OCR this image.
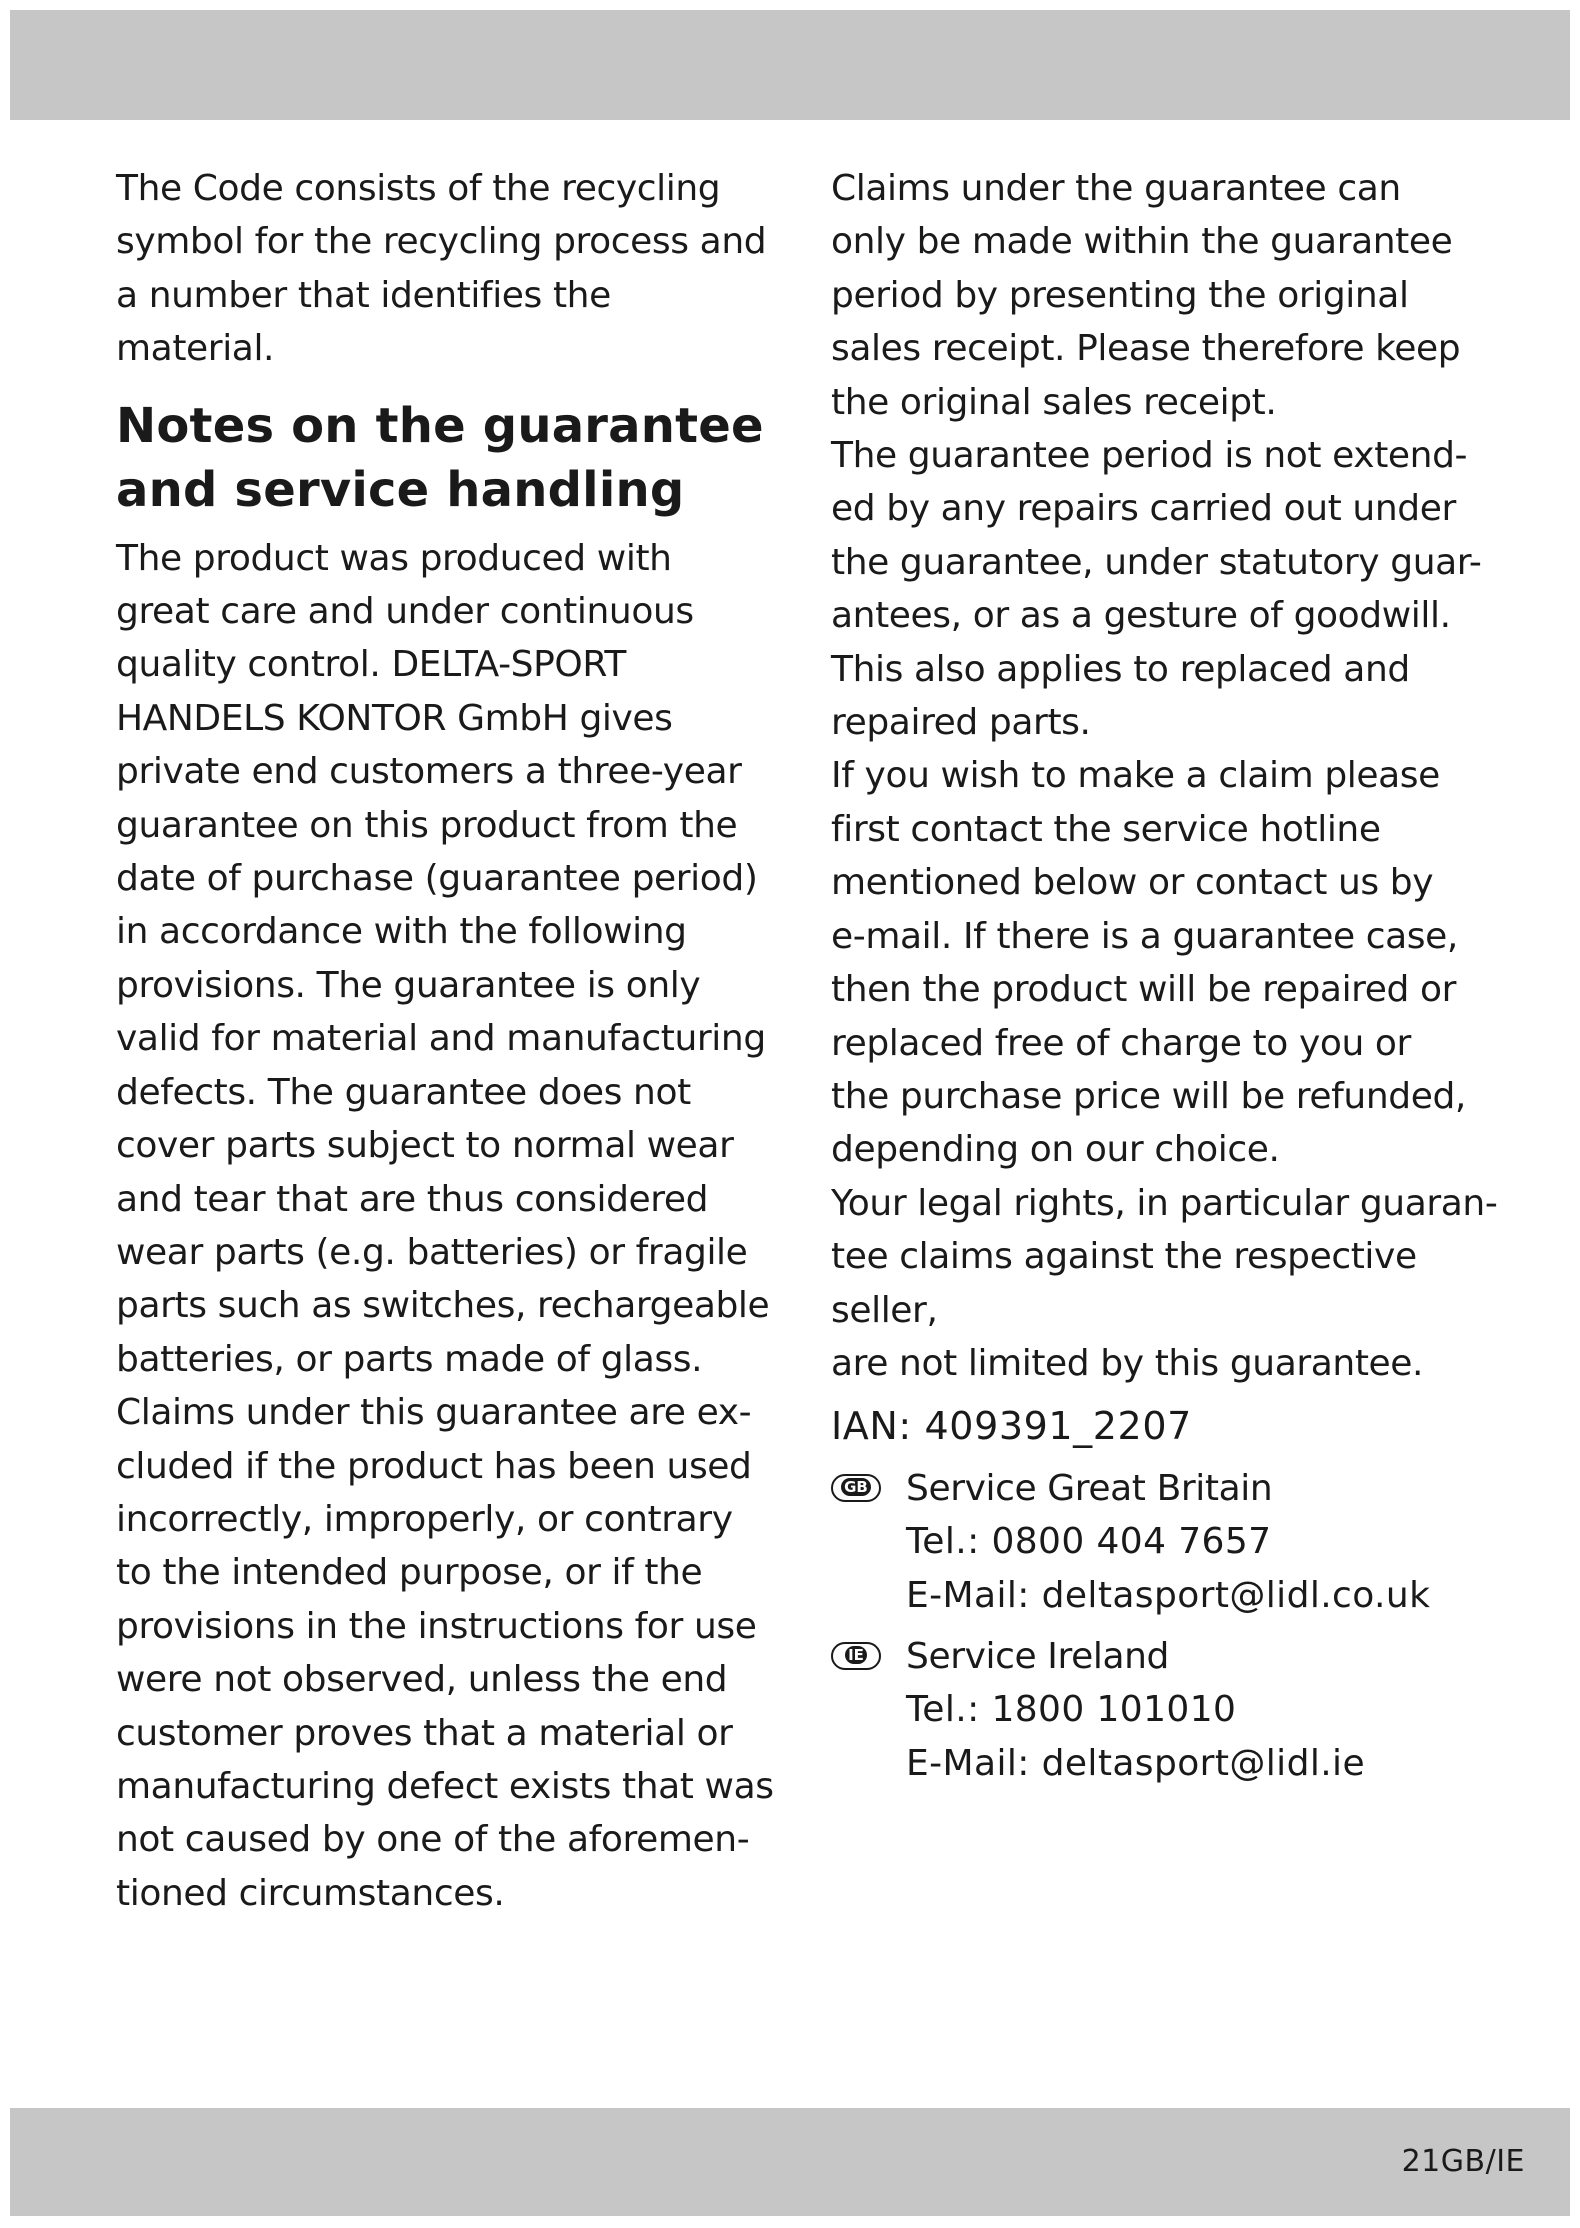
The Code consists of the recycling
symbol for the recycling process and
a number that identifies the material.

Notes on the guarantee
and service handling

The product was produced with
great care and under continuous
quality control. DELTA-SPORT
HANDELS KONTOR GmbH gives
private end customers a three-year
guarantee on this product from the
date of purchase (guarantee period)
in accordance with the following
provisions. The guarantee is only
valid for material and manufacturing
defects. The guarantee does not
cover parts subject to normal wear
and tear that are thus considered
wear parts (e.g. batteries) or fragile
parts such as switches, rechargeable
batteries, or parts made of glass.
Claims under this guarantee are ex-
cluded if the product has been used
incorrectly, improperly, or contrary
to the intended purpose, or if the
provisions in the instructions for use
were not observed, unless the end
customer proves that a material or
manufacturing defect exists that was
not caused by one of the aforemen-
tioned circumstances.

Claims under the guarantee can
only be made within the guarantee
period by presenting the original
sales receipt. Please therefore keep
the original sales receipt.

The guarantee period is not extend-
ed by any repairs carried out under
the guarantee, under statutory guar-
antees, or as a gesture of goodwill.
This also applies to replaced and
repaired parts.

If you wish to make a claim please
first contact the service hotline
mentioned below or contact us by
e-mail. If there is a guarantee case,
then the product will be repaired or
replaced free of charge to you or
the purchase price will be refunded,
depending on our choice.

Your legal rights, in particular guaran-
tee claims against the respective seller,
are not limited by this guarantee.

IAN: 409391_2207

GB	Service Great Britain

Tel.: 0800 404 7657

E-Mail: deltasport@lidl.co.uk

IE	Service Ireland

Tel.: 1800 101010

E-Mail: deltasport@lidl.ie

21GB/IE
